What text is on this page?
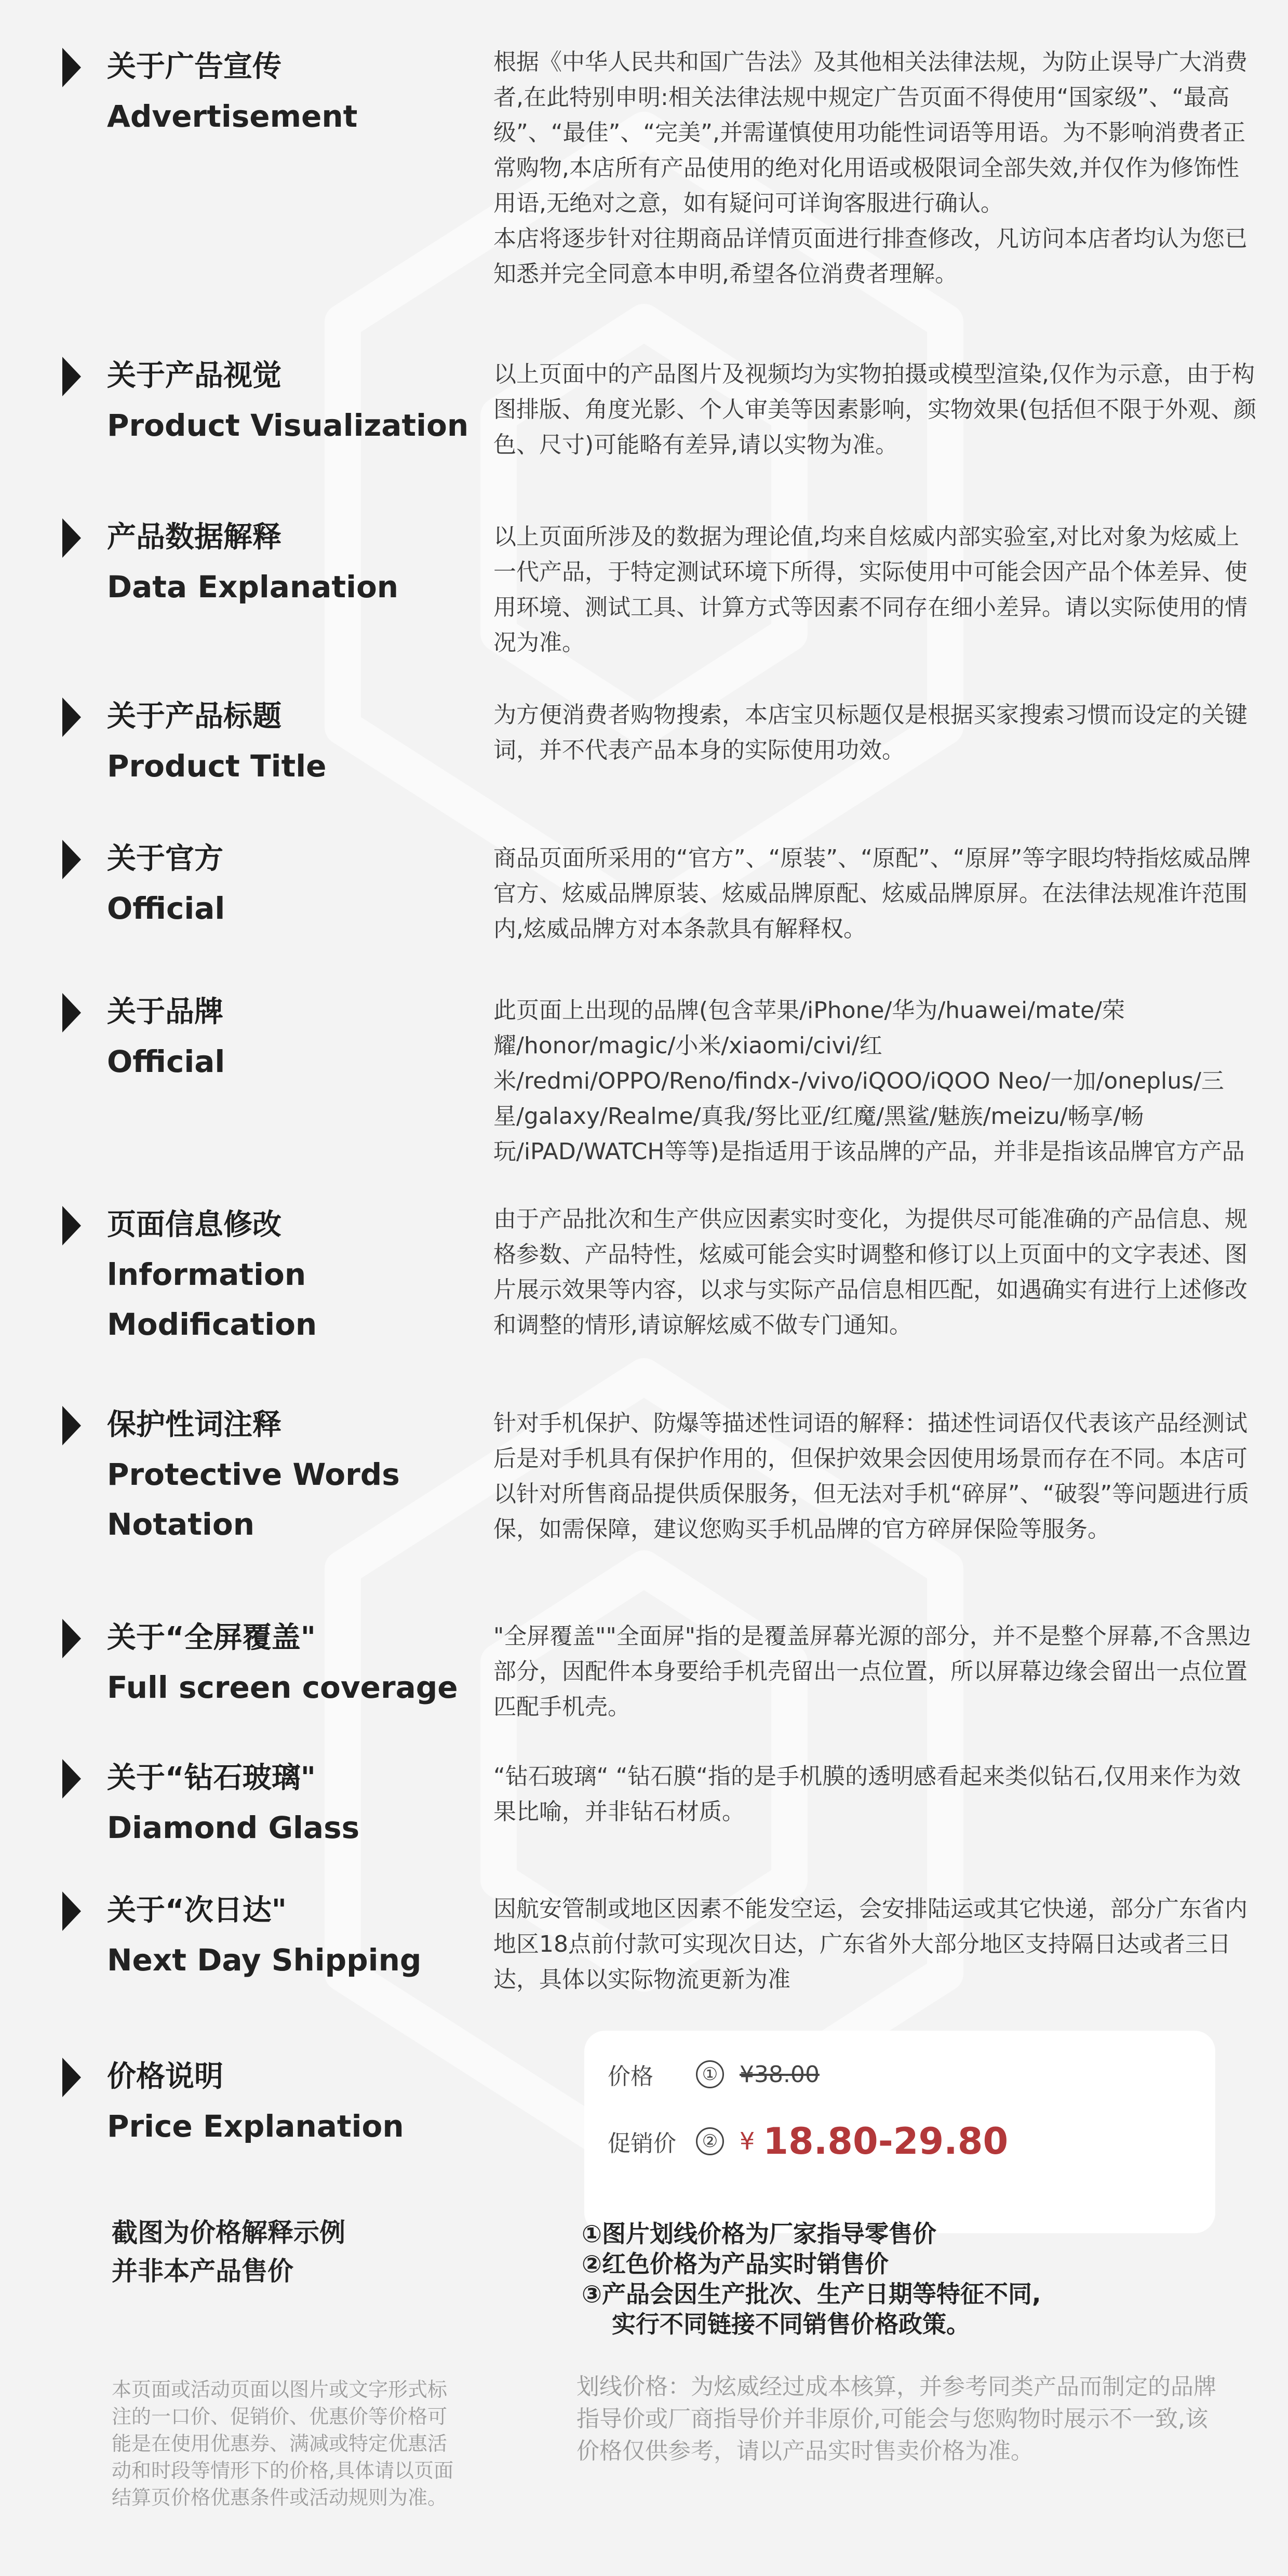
关于广告宣传
Advertisement

根据《中华人民共和国广告法》及其他相关法律法规，为防止误导广大消费者,在此特别申明:相关法律法规中规定广告页面不得使用“国家级”、“最高级”、“最佳”、“完美”,并需谨慎使用功能性词语等用语。为不影响消费者正常购物,本店所有产品使用的绝对化用语或极限词全部失效,并仅作为修饰性用语,无绝对之意，如有疑问可详询客服进行确认。

本店将逐步针对往期商品详情页面进行排查修改，凡访问本店者均认为您已知悉并完全同意本申明,希望各位消费者理解。

关于产品视觉
Product Visualization

以上页面中的产品图片及视频均为实物拍摄或模型渲染,仅作为示意，由于构图排版、角度光影、个人审美等因素影响，实物效果(包括但不限于外观、颜色、尺寸)可能略有差异,请以实物为准。

产品数据解释
Data Explanation

以上页面所涉及的数据为理论值,均来自炫威内部实验室,对比对象为炫威上一代产品，于特定测试环境下所得，实际使用中可能会因产品个体差异、使用环境、测试工具、计算方式等因素不同存在细小差异。请以实际使用的情况为准。

关于产品标题
Product Title

为方便消费者购物搜索，本店宝贝标题仅是根据买家搜索习惯而设定的关键词，并不代表产品本身的实际使用功效。

关于官方
Official

商品页面所采用的“官方”、“原装”、“原配”、“原屏”等字眼均特指炫威品牌官方、炫威品牌原装、炫威品牌原配、炫威品牌原屏。在法律法规准许范围内,炫威品牌方对本条款具有解释权。

关于品牌
Official

此页面上出现的品牌(包含苹果/iPhone/华为/huawei/mate/荣耀/honor/magic/小米/xiaomi/civi/红米/redmi/OPPO/Reno/findx-/vivo/iQOO/iQOO Neo/一加/oneplus/三星/galaxy/Realme/真我/努比亚/红魔/黑鲨/魅族/meizu/畅享/畅玩/iPAD/WATCH等等)是指适用于该品牌的产品，并非是指该品牌官方产品

页面信息修改
lnformation
Modification

由于产品批次和生产供应因素实时变化，为提供尽可能准确的产品信息、规格参数、产品特性，炫威可能会实时调整和修订以上页面中的文字表述、图片展示效果等内容，以求与实际产品信息相匹配，如遇确实有进行上述修改和调整的情形,请谅解炫威不做专门通知。

保护性词注释
Protective Words
Notation

针对手机保护、防爆等描述性词语的解释：描述性词语仅代表该产品经测试后是对手机具有保护作用的，但保护效果会因使用场景而存在不同。本店可以针对所售商品提供质保服务，但无法对手机“碎屏”、“破裂”等问题进行质保，如需保障，建议您购买手机品牌的官方碎屏保险等服务。

关于“全屏覆盖"
Full screen coverage

"全屏覆盖""全面屏"指的是覆盖屏幕光源的部分，并不是整个屏幕,不含黑边部分，因配件本身要给手机壳留出一点位置，所以屏幕边缘会留出一点位置匹配手机壳。

关于“钻石玻璃"
Diamond Glass

“钻石玻璃“ “钻石膜“指的是手机膜的透明感看起来类似钻石,仅用来作为效果比喻，并非钻石材质。

关于“次日达"
Next Day Shipping

因航安管制或地区因素不能发空运，会安排陆运或其它快递，部分广东省内地区18点前付款可实现次日达，广东省外大部分地区支持隔日达或者三日达，具体以实际物流更新为准

价格说明
Price Explanation
价格	① ¥38.00
促销价	② ¥ 18.80-29.80
截图为价格解释示例
并非本产品售价
①图片划线价格为厂家指导零售价
②红色价格为产品实时销售价
③产品会因生产批次、生产日期等特征不同,
实行不同链接不同销售价格政策。
本页面或活动页面以图片或文字形式标注的一口价、促销价、优惠价等价格可能是在使用优惠券、满减或特定优惠活动和时段等情形下的价格,具体请以页面结算页价格优惠条件或活动规则为准。
划线价格：为炫威经过成本核算，并参考同类产品而制定的品牌指导价或厂商指导价并非原价,可能会与您购物时展示不一致,该价格仅供参考，请以产品实时售卖价格为准。
